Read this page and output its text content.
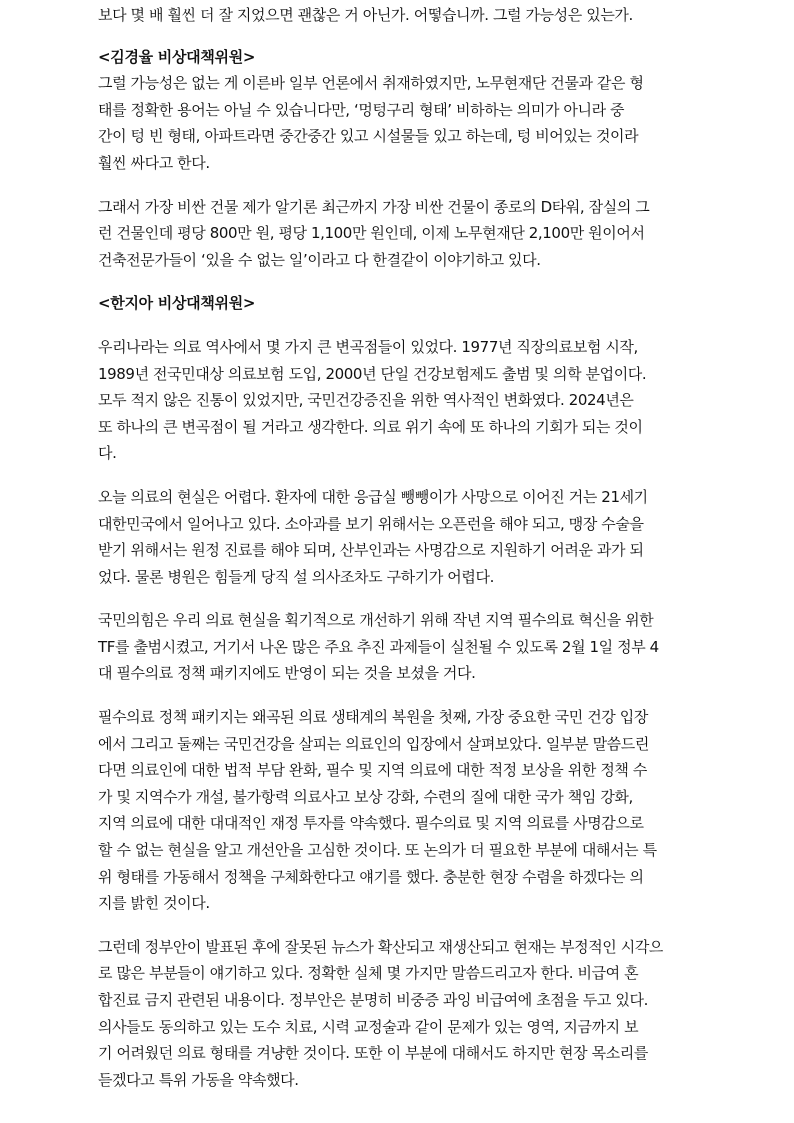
보다 몇 배 훨씬 더 잘 지었으면 괜찮은 거 아닌가. 어떻습니까. 그럴 가능성은 있는가.
<김경율 비상대책위원>
그럴 가능성은 없는 게 이른바 일부 언론에서 취재하였지만, 노무현재단 건물과 같은 형
태를 정확한 용어는 아닐 수 있습니다만, ‘멍텅구리 형태’ 비하하는 의미가 아니라 중
간이 텅 빈 형태, 아파트라면 중간중간 있고 시설물들 있고 하는데, 텅 비어있는 것이라
훨씬 싸다고 한다.
그래서 가장 비싼 건물 제가 알기론 최근까지 가장 비싼 건물이 종로의 D타워, 잠실의 그
런 건물인데 평당 800만 원, 평당 1,100만 원인데, 이제 노무현재단 2,100만 원이어서
건축전문가들이 ‘있을 수 없는 일’이라고 다 한결같이 이야기하고 있다.
<한지아 비상대책위원>
우리나라는 의료 역사에서 몇 가지 큰 변곡점들이 있었다. 1977년 직장의료보험 시작,
1989년 전국민대상 의료보험 도입, 2000년 단일 건강보험제도 출범 및 의학 분업이다.
모두 적지 않은 진통이 있었지만, 국민건강증진을 위한 역사적인 변화였다. 2024년은
또 하나의 큰 변곡점이 될 거라고 생각한다. 의료 위기 속에 또 하나의 기회가 되는 것이
다.
오늘 의료의 현실은 어렵다. 환자에 대한 응급실 뺑뺑이가 사망으로 이어진 거는 21세기
대한민국에서 일어나고 있다. 소아과를 보기 위해서는 오픈런을 해야 되고, 맹장 수술을
받기 위해서는 원정 진료를 해야 되며, 산부인과는 사명감으로 지원하기 어려운 과가 되
었다. 물론 병원은 힘들게 당직 설 의사조차도 구하기가 어렵다.
국민의힘은 우리 의료 현실을 획기적으로 개선하기 위해 작년 지역 필수의료 혁신을 위한
TF를 출범시켰고, 거기서 나온 많은 주요 추진 과제들이 실천될 수 있도록 2월 1일 정부 4
대 필수의료 정책 패키지에도 반영이 되는 것을 보셨을 거다.
필수의료 정책 패키지는 왜곡된 의료 생태계의 복원을 첫째, 가장 중요한 국민 건강 입장
에서 그리고 둘째는 국민건강을 살피는 의료인의 입장에서 살펴보았다. 일부분 말씀드린
다면 의료인에 대한 법적 부담 완화, 필수 및 지역 의료에 대한 적정 보상을 위한 정책 수
가 및 지역수가 개설, 불가항력 의료사고 보상 강화, 수련의 질에 대한 국가 책임 강화,
지역 의료에 대한 대대적인 재정 투자를 약속했다. 필수의료 및 지역 의료를 사명감으로
할 수 없는 현실을 알고 개선안을 고심한 것이다. 또 논의가 더 필요한 부분에 대해서는 특
위 형태를 가동해서 정책을 구체화한다고 얘기를 했다. 충분한 현장 수렴을 하겠다는 의
지를 밝힌 것이다.
그런데 정부안이 발표된 후에 잘못된 뉴스가 확산되고 재생산되고 현재는 부정적인 시각으
로 많은 부분들이 얘기하고 있다. 정확한 실체 몇 가지만 말씀드리고자 한다. 비급여 혼
합진료 금지 관련된 내용이다. 정부안은 분명히 비중증 과잉 비급여에 초점을 두고 있다.
의사들도 동의하고 있는 도수 치료, 시력 교정술과 같이 문제가 있는 영역, 지금까지 보
기 어려웠던 의료 형태를 겨냥한 것이다. 또한 이 부분에 대해서도 하지만 현장 목소리를
듣겠다고 특위 가동을 약속했다.
